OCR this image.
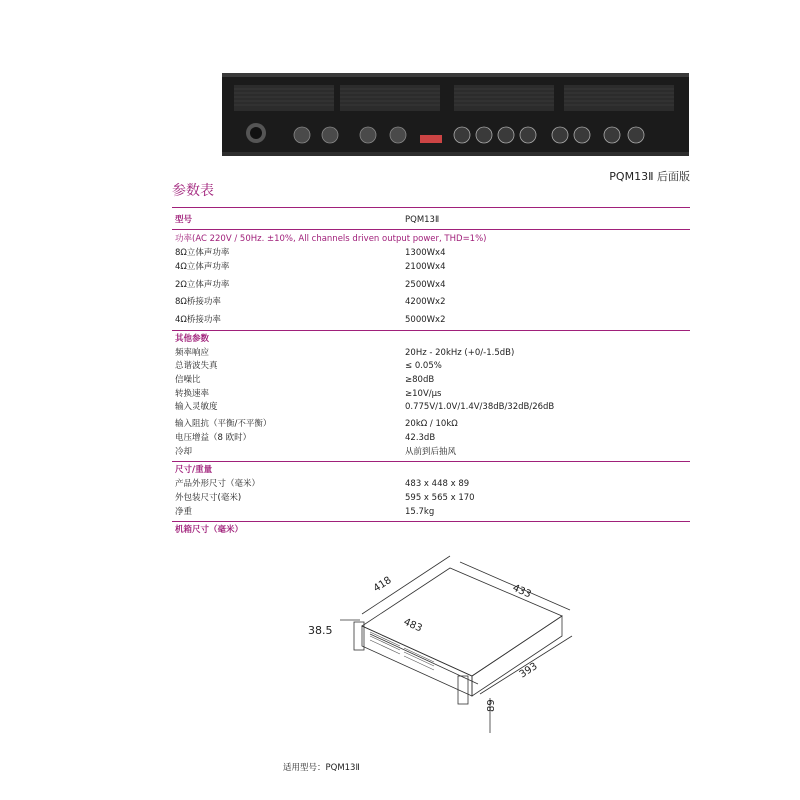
PQM13Ⅱ 后面版
参数表
型号	PQM13Ⅱ
功率(AC 220V / 50Hz. ±10%, All channels driven output power, THD=1%)
8Ω立体声功率	1300Wx4
4Ω立体声功率	2100Wx4
2Ω立体声功率	2500Wx4
8Ω桥接功率	4200Wx2
4Ω桥接功率	5000Wx2
其他参数
频率响应	20Hz - 20kHz (+0/-1.5dB)
总谐波失真	≤ 0.05%
信噪比	≥80dB
转换速率	≥10V/μs
输入灵敏度	0.775V/1.0V/1.4V/38dB/32dB/26dB
输入阻抗（平衡/不平衡）	20kΩ / 10kΩ
电压增益（8 欧时）	42.3dB
冷却	从前到后抽风
尺寸/重量
产品外形尺寸（毫米）	483 x 448 x 89
外包装尺寸(毫米)	595 x 565 x 170
净重	15.7kg
机箱尺寸（毫米）
418	433
483
38.5
393
89
适用型号：PQM13Ⅱ
